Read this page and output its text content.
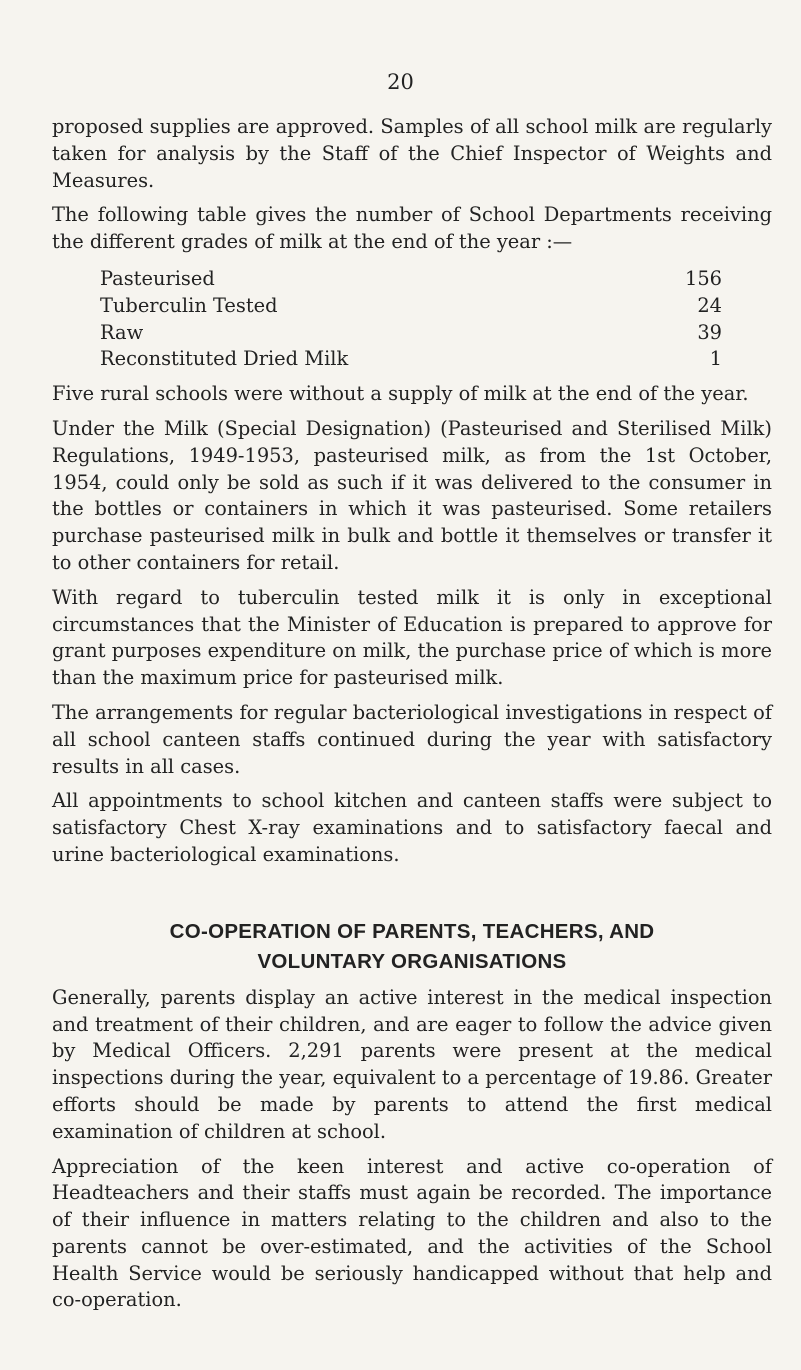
20

proposed supplies are approved. Samples of all school milk are regularly taken for analysis by the Staff of the Chief Inspector of Weights and Measures.

The following table gives the number of School Departments receiving the different grades of milk at the end of the year :—

Pasteurised	156
Tuberculin Tested	24
Raw	39
Reconstituted Dried Milk	1

Five rural schools were without a supply of milk at the end of the year.

Under the Milk (Special Designation) (Pasteurised and Sterilised Milk) Regulations, 1949-1953, pasteurised milk, as from the 1st October, 1954, could only be sold as such if it was delivered to the consumer in the bottles or containers in which it was pasteurised. Some retailers purchase pasteurised milk in bulk and bottle it themselves or transfer it to other containers for retail.

With regard to tuberculin tested milk it is only in exceptional circumstances that the Minister of Education is prepared to approve for grant purposes expenditure on milk, the purchase price of which is more than the maximum price for pasteurised milk.

The arrangements for regular bacteriological investigations in respect of all school canteen staffs continued during the year with satisfactory results in all cases.

All appointments to school kitchen and canteen staffs were subject to satisfactory Chest X-ray examinations and to satisfactory faecal and urine bacteriological examinations.

CO-OPERATION OF PARENTS, TEACHERS, AND
VOLUNTARY ORGANISATIONS

Generally, parents display an active interest in the medical inspection and treatment of their children, and are eager to follow the advice given by Medical Officers. 2,291 parents were present at the medical inspections during the year, equivalent to a percentage of 19.86. Greater efforts should be made by parents to attend the first medical examination of children at school.

Appreciation of the keen interest and active co-operation of Headteachers and their staffs must again be recorded. The importance of their influence in matters relating to the children and also to the parents cannot be over-estimated, and the activities of the School Health Service would be seriously handicapped without that help and co-operation.
